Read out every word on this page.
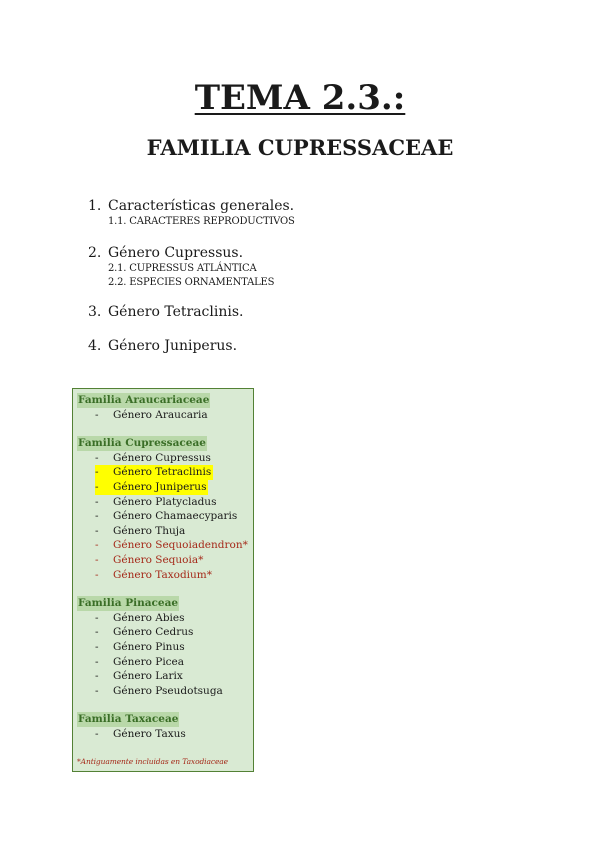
TEMA 2.3.:
FAMILIA CUPRESSACEAE
1. Características generales.
1.1. CARACTERES REPRODUCTIVOS
2. Género Cupressus.
2.1. CUPRESSUS ATLÁNTICA
2.2. ESPECIES ORNAMENTALES
3. Género Tetraclinis.
4. Género Juniperus.
Familia Araucariaceae
- Género Araucaria
Familia Cupressaceae
- Género Cupressus
- Género Tetraclinis
- Género Juniperus
- Género Platycladus
- Género Chamaecyparis
- Género Thuja
- Género Sequoiadendron*
- Género Sequoia*
- Género Taxodium*
Familia Pinaceae
- Género Abies
- Género Cedrus
- Género Pinus
- Género Picea
- Género Larix
- Género Pseudotsuga
Familia Taxaceae
- Género Taxus
*Antiguamente incluidas en Taxodiaceae
